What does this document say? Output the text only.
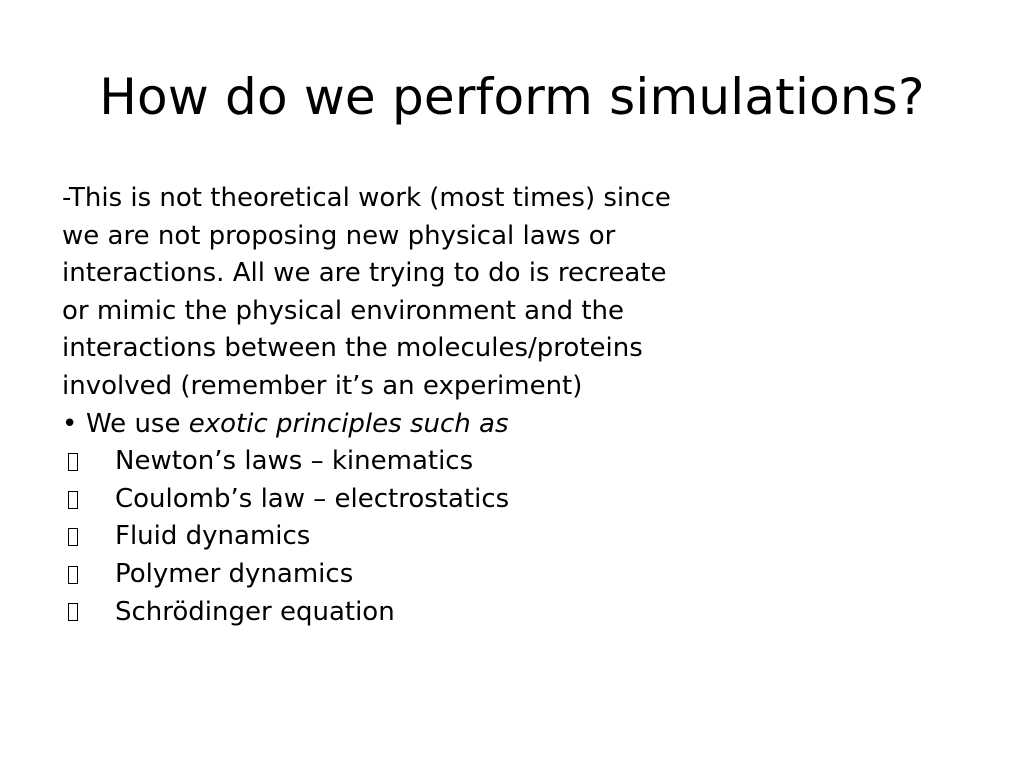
How do we perform simulations?

-This is not theoretical work (most times) since

we are not proposing new physical laws or

interactions. All we are trying to do is recreate

or mimic the physical environment and the

interactions between the molecules/proteins

involved (remember it’s an experiment)

• We use
exotic principles such as
Newton’s laws – kinematics
Coulomb’s law – electrostatics
Fluid dynamics
Polymer dynamics
Schrödinger equation
